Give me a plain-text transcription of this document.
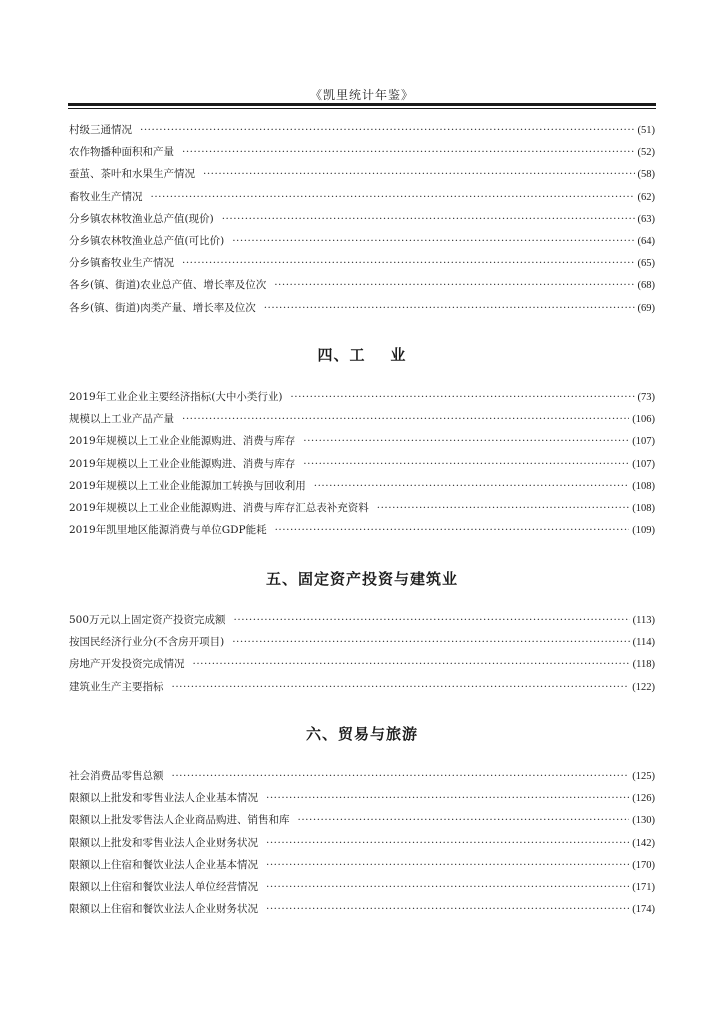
《凯里统计年鉴》
村级三通情况 ·····	(51)
农作物播种面积和产量 ·····	(52)
蚕茧、茶叶和水果生产情况 ·····	(58)
畜牧业生产情况 ·····	(62)
分乡镇农林牧渔业总产值(现价) ·····	(63)
分乡镇农林牧渔业总产值(可比价) ·····	(64)
分乡镇畜牧业生产情况 ·····	(65)
各乡(镇、街道)农业总产值、增长率及位次 ·····	(68)
各乡(镇、街道)肉类产量、增长率及位次 ·····	(69)
四、工    业
2019年工业企业主要经济指标(大中小类行业) ·····	(73)
规模以上工业产品产量 ·····	(106)
2019年规模以上工业企业能源购进、消费与库存 ·····	(107)
2019年规模以上工业企业能源购进、消费与库存 ·····	(107)
2019年规模以上工业企业能源加工转换与回收利用 ·····	(108)
2019年规模以上工业企业能源购进、消费与库存汇总表补充资料 ·····	(108)
2019年凯里地区能源消费与单位GDP能耗 ·····	(109)
五、固定资产投资与建筑业
500万元以上固定资产投资完成额 ·····	(113)
按国民经济行业分(不含房开项目) ·····	(114)
房地产开发投资完成情况 ·····	(118)
建筑业生产主要指标 ·····	(122)
六、贸易与旅游
社会消费品零售总额 ·····	(125)
限额以上批发和零售业法人企业基本情况 ·····	(126)
限额以上批发零售法人企业商品购进、销售和库 ·····	(130)
限额以上批发和零售业法人企业财务状况 ·····	(142)
限额以上住宿和餐饮业法人企业基本情况 ·····	(170)
限额以上住宿和餐饮业法人单位经营情况 ·····	(171)
限额以上住宿和餐饮业法人企业财务状况 ·····	(174)
